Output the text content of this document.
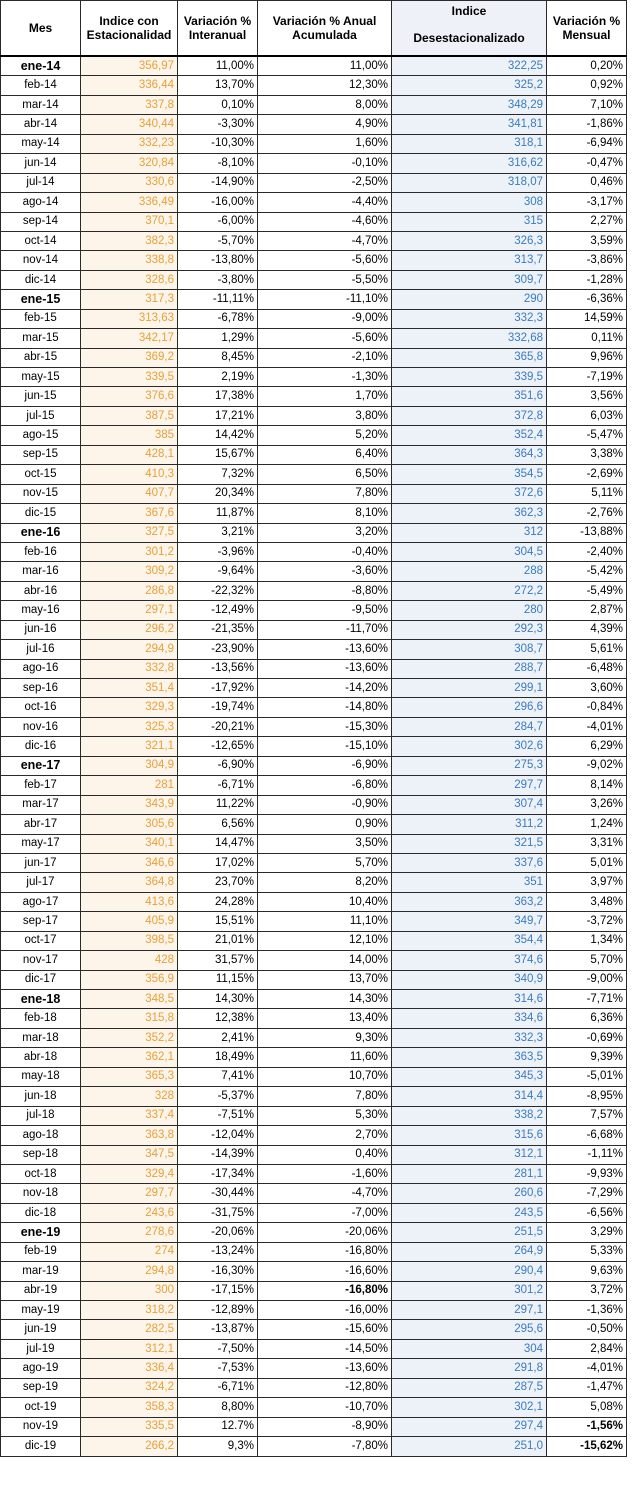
Mes	Indice con Estacionalidad	Variación % Interanual	Variación % Anual Acumulada	Indice	Variación % Mensual
				Desestacionalizado	
ene-14	356,97	11,00%	11,00%	322,25	0,20%
feb-14	336,44	13,70%	12,30%	325,2	0,92%
mar-14	337,8	0,10%	8,00%	348,29	7,10%
abr-14	340,44	-3,30%	4,90%	341,81	-1,86%
may-14	332,23	-10,30%	1,60%	318,1	-6,94%
jun-14	320,84	-8,10%	-0,10%	316,62	-0,47%
jul-14	330,6	-14,90%	-2,50%	318,07	0,46%
ago-14	336,49	-16,00%	-4,40%	308	-3,17%
sep-14	370,1	-6,00%	-4,60%	315	2,27%
oct-14	382,3	-5,70%	-4,70%	326,3	3,59%
nov-14	338,8	-13,80%	-5,60%	313,7	-3,86%
dic-14	328,6	-3,80%	-5,50%	309,7	-1,28%
ene-15	317,3	-11,11%	-11,10%	290	-6,36%
feb-15	313,63	-6,78%	-9,00%	332,3	14,59%
mar-15	342,17	1,29%	-5,60%	332,68	0,11%
abr-15	369,2	8,45%	-2,10%	365,8	9,96%
may-15	339,5	2,19%	-1,30%	339,5	-7,19%
jun-15	376,6	17,38%	1,70%	351,6	3,56%
jul-15	387,5	17,21%	3,80%	372,8	6,03%
ago-15	385	14,42%	5,20%	352,4	-5,47%
sep-15	428,1	15,67%	6,40%	364,3	3,38%
oct-15	410,3	7,32%	6,50%	354,5	-2,69%
nov-15	407,7	20,34%	7,80%	372,6	5,11%
dic-15	367,6	11,87%	8,10%	362,3	-2,76%
ene-16	327,5	3,21%	3,20%	312	-13,88%
feb-16	301,2	-3,96%	-0,40%	304,5	-2,40%
mar-16	309,2	-9,64%	-3,60%	288	-5,42%
abr-16	286,8	-22,32%	-8,80%	272,2	-5,49%
may-16	297,1	-12,49%	-9,50%	280	2,87%
jun-16	296,2	-21,35%	-11,70%	292,3	4,39%
jul-16	294,9	-23,90%	-13,60%	308,7	5,61%
ago-16	332,8	-13,56%	-13,60%	288,7	-6,48%
sep-16	351,4	-17,92%	-14,20%	299,1	3,60%
oct-16	329,3	-19,74%	-14,80%	296,6	-0,84%
nov-16	325,3	-20,21%	-15,30%	284,7	-4,01%
dic-16	321,1	-12,65%	-15,10%	302,6	6,29%
ene-17	304,9	-6,90%	-6,90%	275,3	-9,02%
feb-17	281	-6,71%	-6,80%	297,7	8,14%
mar-17	343,9	11,22%	-0,90%	307,4	3,26%
abr-17	305,6	6,56%	0,90%	311,2	1,24%
may-17	340,1	14,47%	3,50%	321,5	3,31%
jun-17	346,6	17,02%	5,70%	337,6	5,01%
jul-17	364,8	23,70%	8,20%	351	3,97%
ago-17	413,6	24,28%	10,40%	363,2	3,48%
sep-17	405,9	15,51%	11,10%	349,7	-3,72%
oct-17	398,5	21,01%	12,10%	354,4	1,34%
nov-17	428	31,57%	14,00%	374,6	5,70%
dic-17	356,9	11,15%	13,70%	340,9	-9,00%
ene-18	348,5	14,30%	14,30%	314,6	-7,71%
feb-18	315,8	12,38%	13,40%	334,6	6,36%
mar-18	352,2	2,41%	9,30%	332,3	-0,69%
abr-18	362,1	18,49%	11,60%	363,5	9,39%
may-18	365,3	7,41%	10,70%	345,3	-5,01%
jun-18	328	-5,37%	7,80%	314,4	-8,95%
jul-18	337,4	-7,51%	5,30%	338,2	7,57%
ago-18	363,8	-12,04%	2,70%	315,6	-6,68%
sep-18	347,5	-14,39%	0,40%	312,1	-1,11%
oct-18	329,4	-17,34%	-1,60%	281,1	-9,93%
nov-18	297,7	-30,44%	-4,70%	260,6	-7,29%
dic-18	243,6	-31,75%	-7,00%	243,5	-6,56%
ene-19	278,6	-20,06%	-20,06%	251,5	3,29%
feb-19	274	-13,24%	-16,80%	264,9	5,33%
mar-19	294,8	-16,30%	-16,60%	290,4	9,63%
abr-19	300	-17,15%	-16,80%	301,2	3,72%
may-19	318,2	-12,89%	-16,00%	297,1	-1,36%
jun-19	282,5	-13,87%	-15,60%	295,6	-0,50%
jul-19	312,1	-7,50%	-14,50%	304	2,84%
ago-19	336,4	-7,53%	-13,60%	291,8	-4,01%
sep-19	324,2	-6,71%	-12,80%	287,5	-1,47%
oct-19	358,3	8,80%	-10,70%	302,1	5,08%
nov-19	335,5	12.7%	-8,90%	297,4	-1,56%
dic-19	266,2	9,3%	-7,80%	251,0	-15,62%
